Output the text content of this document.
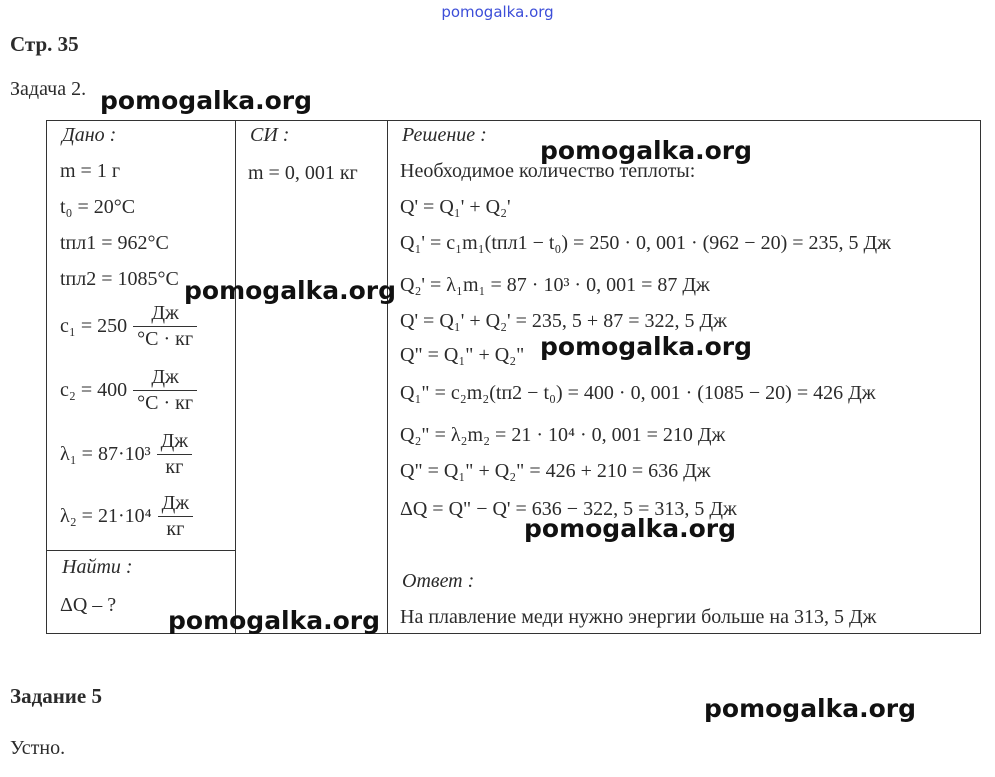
pomogalka.org
Стр. 35
Задача 2.
Дано :
m = 1 г
t₀ = 20°C
tпл1 = 962°C
tпл2 = 1085°C
$c_1 = 250 \frac{Дж}{^\circ C \cdot кг}$
$c_2 = 400 \frac{Дж}{^\circ C \cdot кг}$
$\lambda_1 = 87\cdot 10^3 \frac{Дж}{кг}$
$\lambda_2 = 21\cdot 10^4 \frac{Дж}{кг}$
Найти :
ΔQ – ?
СИ :
m = 0, 001 кг
Решение :
Необходимое количество теплоты:
Q' = Q₁' + Q₂'
Q₁' = c₁m₁(tпл1 − t₀) = 250 · 0, 001 · (962 − 20) = 235, 5 Дж
Q₂' = λ₁m₁ = 87 · 10³ · 0, 001 = 87 Дж
Q' = Q₁' + Q₂' = 235, 5 + 87 = 322, 5 Дж
Q" = Q₁" + Q₂"
Q₁" = c₂m₂(tп2 − t₀) = 400 · 0, 001 · (1085 − 20) = 426 Дж
Q₂" = λ₂m₂ = 21 · 10⁴ · 0, 001 = 210 Дж
Q" = Q₁" + Q₂" = 426 + 210 = 636 Дж
ΔQ = Q" − Q' = 636 − 322, 5 = 313, 5 Дж
Ответ :
На плавление меди нужно энергии больше на 313, 5 Дж
Задание 5
Устно.
pomogalka.org
pomogalka.org
pomogalka.org
pomogalka.org
pomogalka.org
pomogalka.org
pomogalka.org
